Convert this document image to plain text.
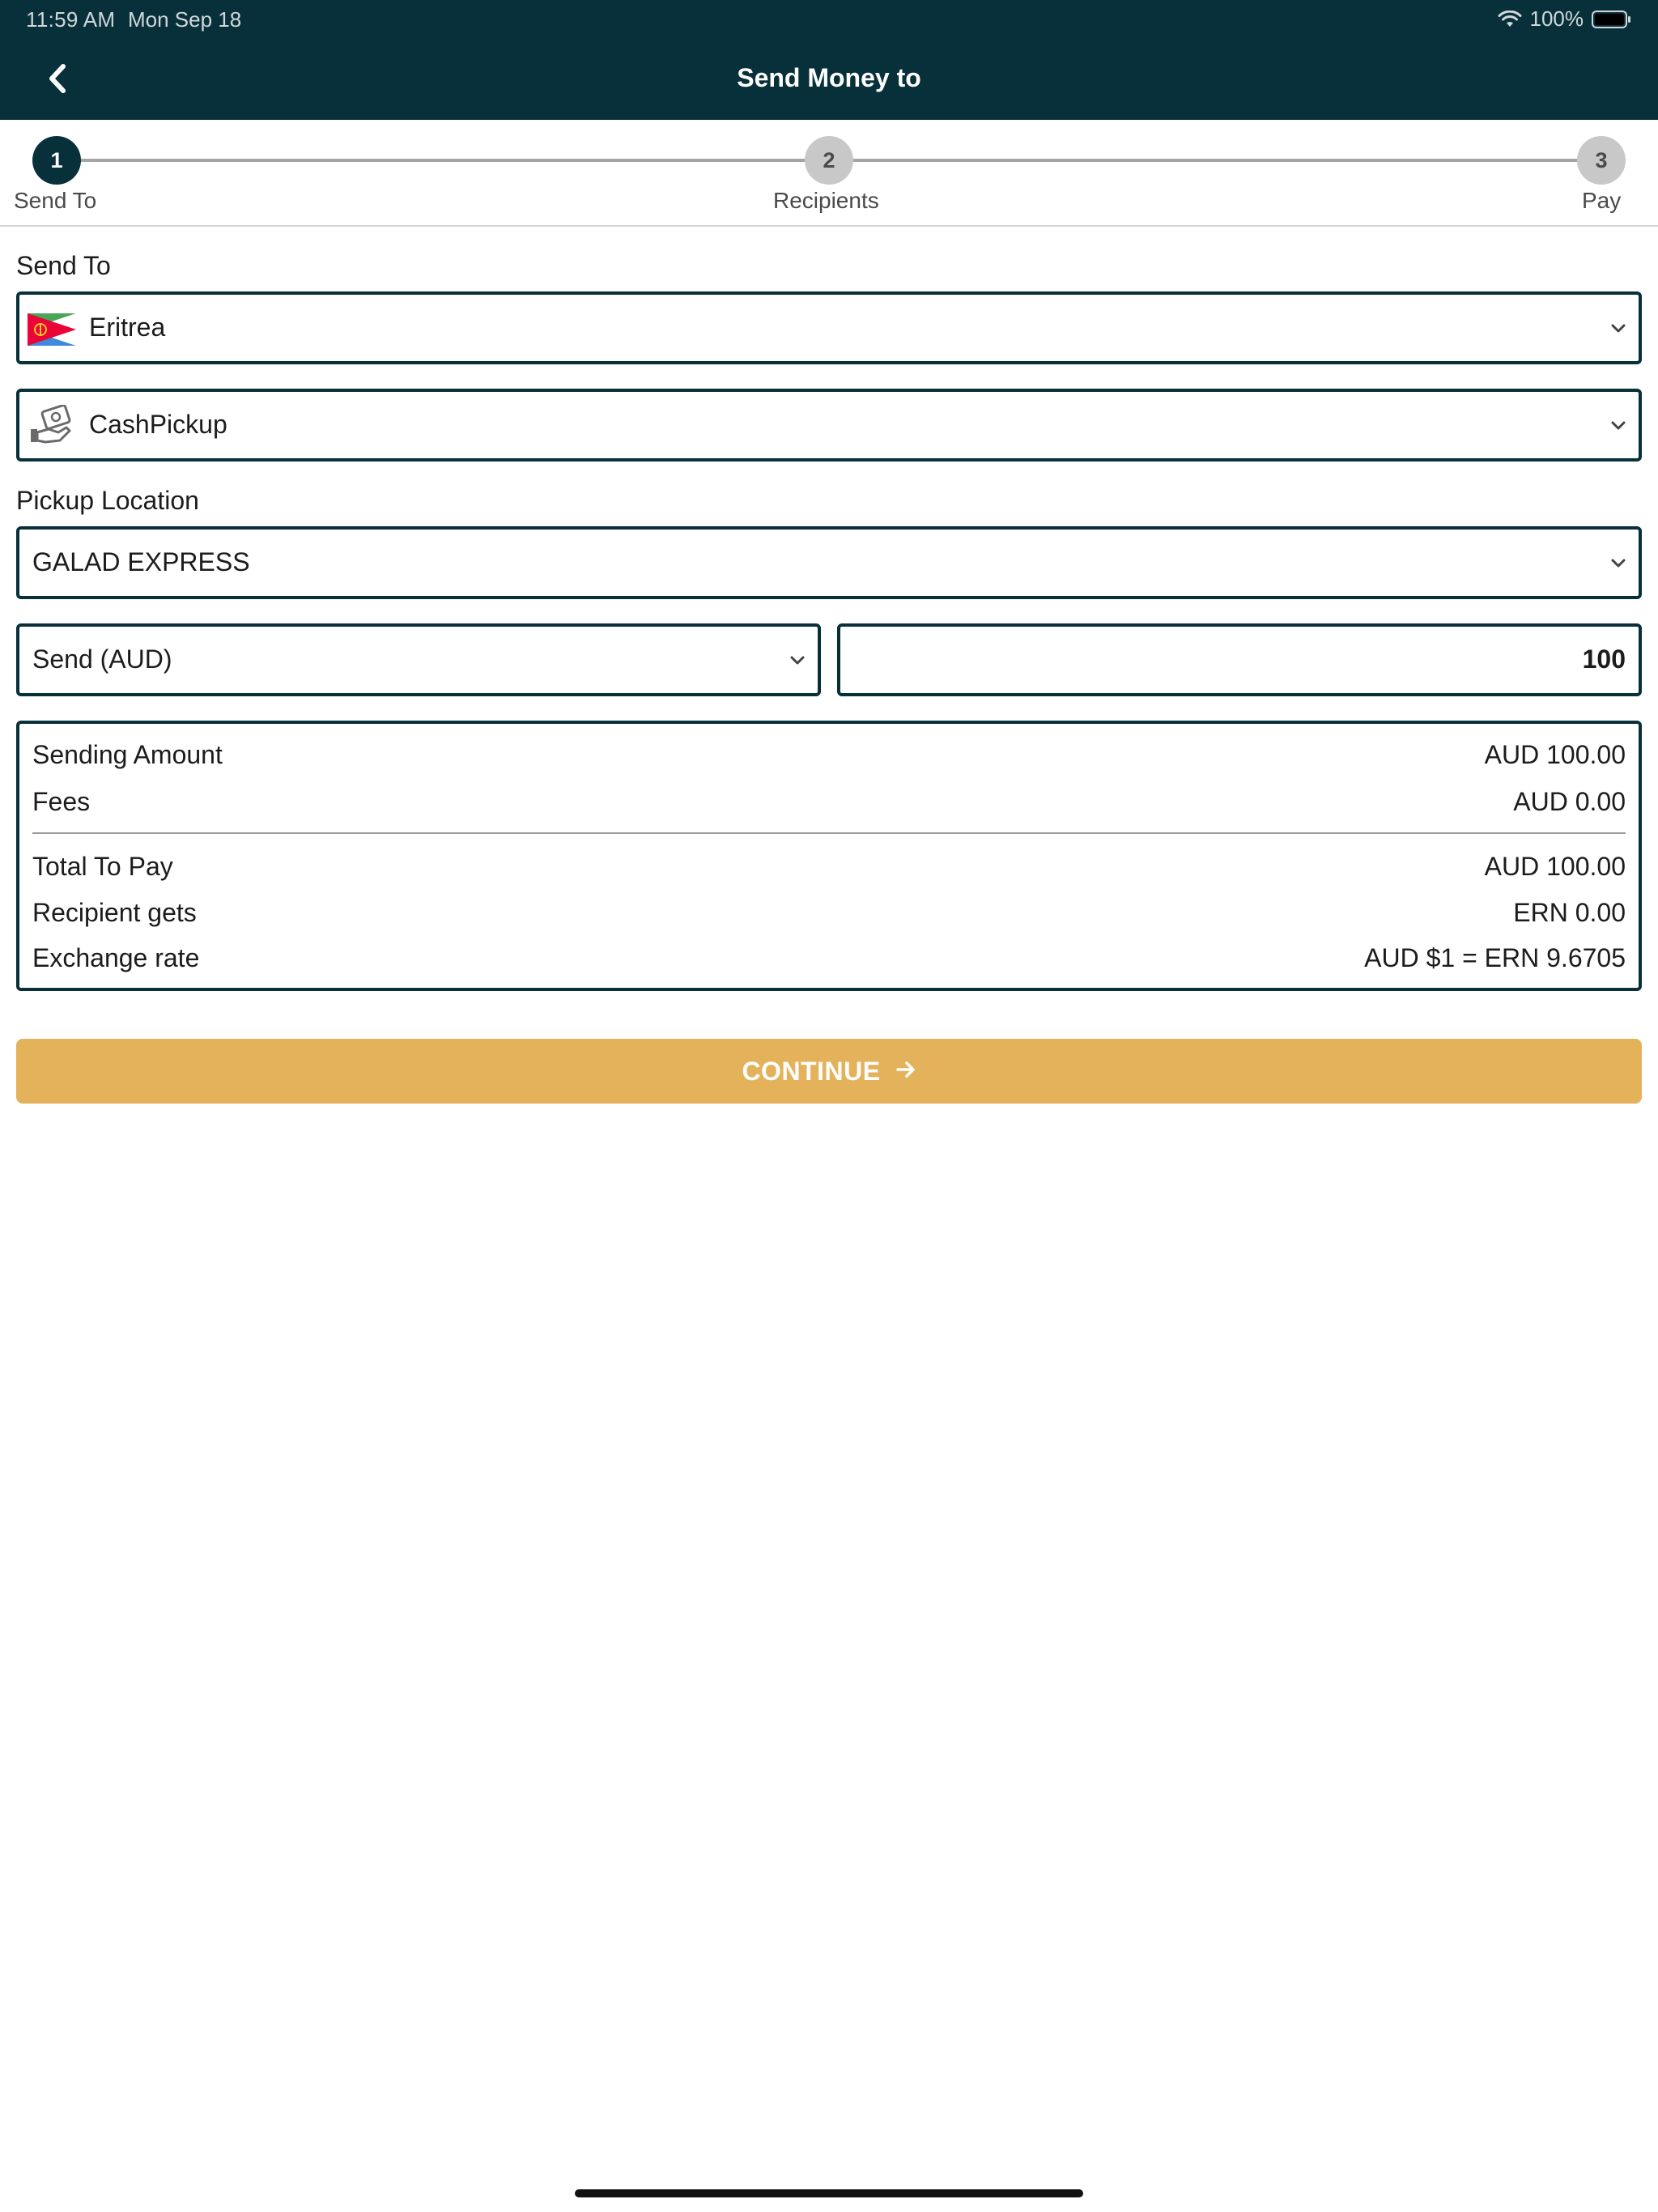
11:59 AM Mon Sep 18	100%
Send Money to
1
Send To
2
Recipients
3
Pay
Send To
Eritrea
CashPickup
Pickup Location
GALAD EXPRESS
Send (AUD)	100
Sending Amount	AUD 100.00
Fees	AUD 0.00
Total To Pay	AUD 100.00
Recipient gets	ERN 0.00
Exchange rate	AUD $1 = ERN 9.6705
CONTINUE
